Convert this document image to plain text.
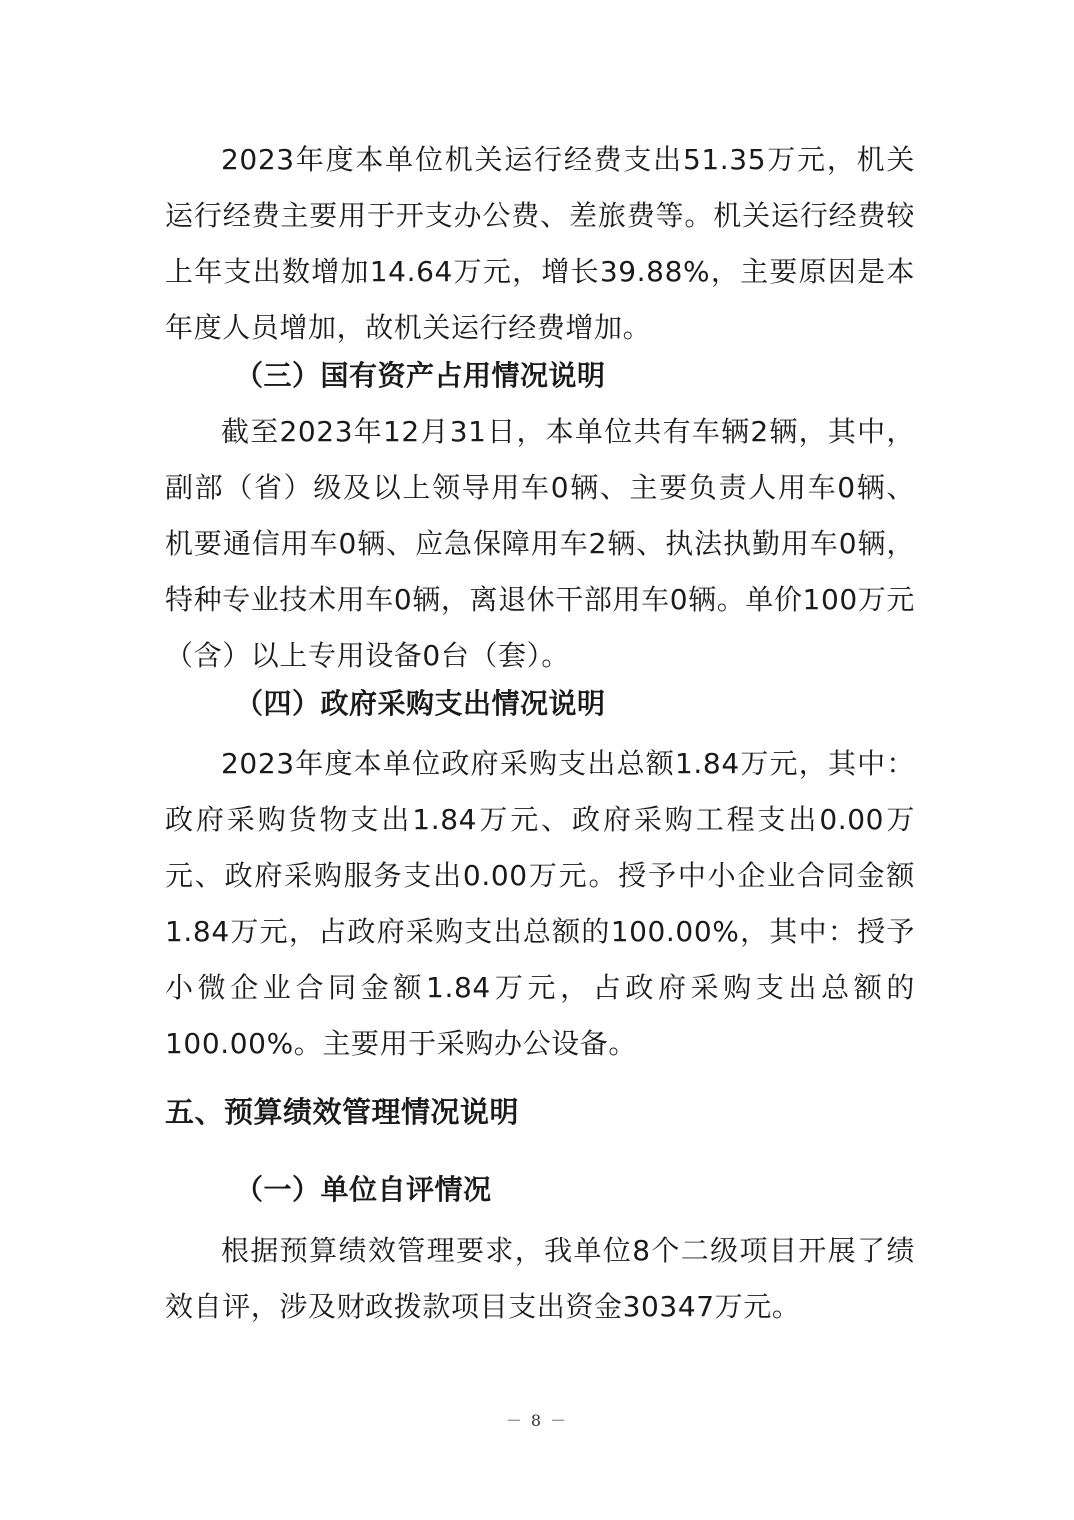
2023年度本单位机关运行经费支出51.35万元，机关运行经费主要用于开支办公费、差旅费等。机关运行经费较上年支出数增加14.64万元，增长39.88%，主要原因是本年度人员增加，故机关运行经费增加。

（三）国有资产占用情况说明

截至2023年12月31日，本单位共有车辆2辆，其中，副部（省）级及以上领导用车0辆、主要负责人用车0辆、机要通信用车0辆、应急保障用车2辆、执法执勤用车0辆，特种专业技术用车0辆，离退休干部用车0辆。单价100万元（含）以上专用设备0台（套）。

（四）政府采购支出情况说明

2023年度本单位政府采购支出总额1.84万元，其中：政府采购货物支出1.84万元、政府采购工程支出0.00万元、政府采购服务支出0.00万元。授予中小企业合同金额1.84万元，占政府采购支出总额的100.00%，其中：授予小微企业合同金额1.84万元，占政府采购支出总额的100.00%。主要用于采购办公设备。

五、预算绩效管理情况说明

（一）单位自评情况

根据预算绩效管理要求，我单位8个二级项目开展了绩效自评，涉及财政拨款项目支出资金30347万元。

－ 8 －
